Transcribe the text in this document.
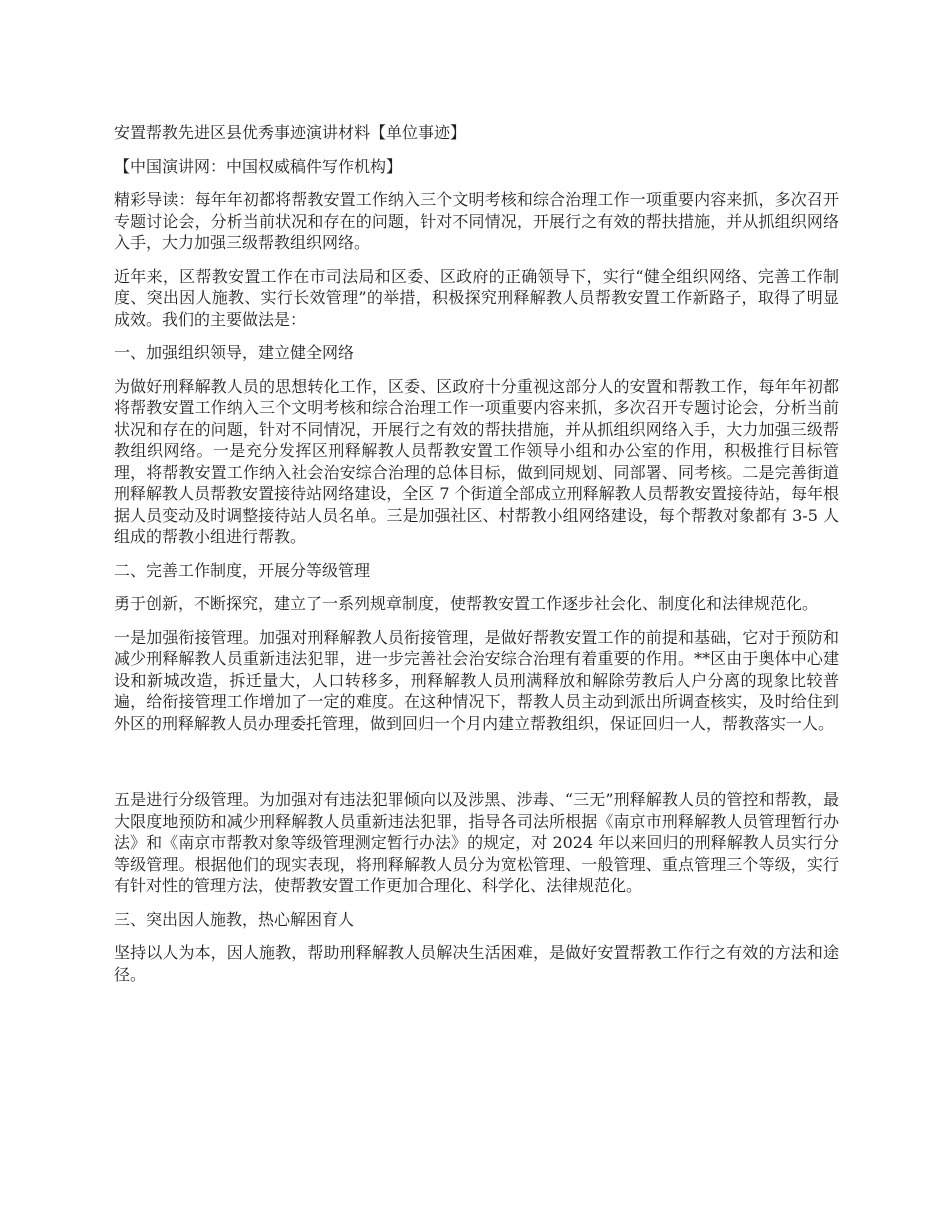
安置帮教先进区县优秀事迹演讲材料【单位事迹】

【中国演讲网：中国权威稿件写作机构】

精彩导读：每年年初都将帮教安置工作纳入三个文明考核和综合治理工作一项重要内容来抓，多次召开专题讨论会，分析当前状况和存在的问题，针对不同情况，开展行之有效的帮扶措施，并从抓组织网络入手，大力加强三级帮教组织网络。

近年来，区帮教安置工作在市司法局和区委、区政府的正确领导下，实行“健全组织网络、完善工作制度、突出因人施教、实行长效管理”的举措，积极探究刑释解教人员帮教安置工作新路子，取得了明显成效。我们的主要做法是：

一、加强组织领导，建立健全网络

为做好刑释解教人员的思想转化工作，区委、区政府十分重视这部分人的安置和帮教工作，每年年初都将帮教安置工作纳入三个文明考核和综合治理工作一项重要内容来抓，多次召开专题讨论会，分析当前状况和存在的问题，针对不同情况，开展行之有效的帮扶措施，并从抓组织网络入手，大力加强三级帮教组织网络。一是充分发挥区刑释解教人员帮教安置工作领导小组和办公室的作用，积极推行目标管理，将帮教安置工作纳入社会治安综合治理的总体目标，做到同规划、同部署、同考核。二是完善街道刑释解教人员帮教安置接待站网络建设，全区 7 个街道全部成立刑释解教人员帮教安置接待站，每年根据人员变动及时调整接待站人员名单。三是加强社区、村帮教小组网络建设，每个帮教对象都有 3-5 人组成的帮教小组进行帮教。

二、完善工作制度，开展分等级管理

勇于创新，不断探究，建立了一系列规章制度，使帮教安置工作逐步社会化、制度化和法律规范化。

一是加强衔接管理。加强对刑释解教人员衔接管理，是做好帮教安置工作的前提和基础，它对于预防和减少刑释解教人员重新违法犯罪，进一步完善社会治安综合治理有着重要的作用。**区由于奥体中心建设和新城改造，拆迁量大，人口转移多，刑释解教人员刑满释放和解除劳教后人户分离的现象比较普遍，给衔接管理工作增加了一定的难度。在这种情况下，帮教人员主动到派出所调查核实，及时给住到外区的刑释解教人员办理委托管理，做到回归一个月内建立帮教组织，保证回归一人，帮教落实一人。

五是进行分级管理。为加强对有违法犯罪倾向以及涉黑、涉毒、“三无”刑释解教人员的管控和帮教，最大限度地预防和减少刑释解教人员重新违法犯罪，指导各司法所根据《南京市刑释解教人员管理暂行办法》和《南京市帮教对象等级管理测定暂行办法》的规定，对 2024 年以来回归的刑释解教人员实行分等级管理。根据他们的现实表现，将刑释解教人员分为宽松管理、一般管理、重点管理三个等级，实行有针对性的管理方法，使帮教安置工作更加合理化、科学化、法律规范化。

三、突出因人施教，热心解困育人

坚持以人为本，因人施教，帮助刑释解教人员解决生活困难，是做好安置帮教工作行之有效的方法和途径。
